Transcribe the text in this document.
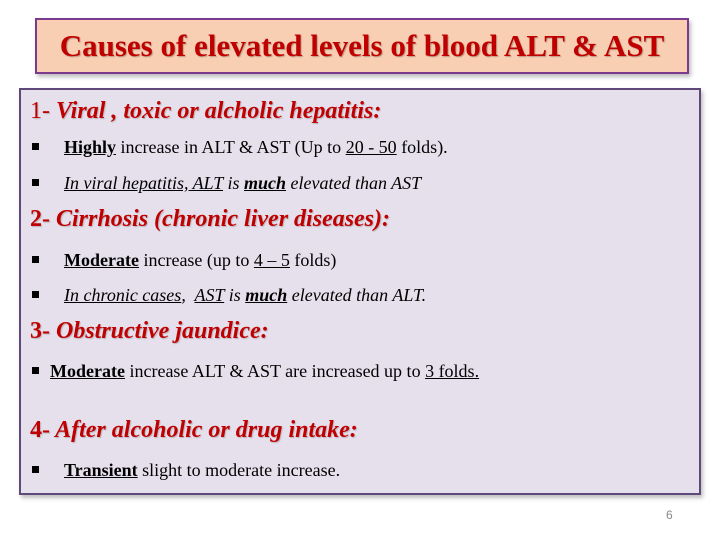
Causes of elevated levels of blood ALT & AST
1- Viral , toxic or alcholic hepatitis:
Highly increase in ALT & AST (Up to 20 - 50 folds).
In viral hepatitis, ALT is much elevated than AST
2- Cirrhosis (chronic liver diseases):
Moderate increase (up to 4 – 5 folds)
In chronic cases,  AST is much elevated than ALT.
3- Obstructive jaundice:
Moderate increase ALT & AST are increased up to 3 folds.
4- After alcoholic or drug intake:
Transient slight to moderate increase.
6
